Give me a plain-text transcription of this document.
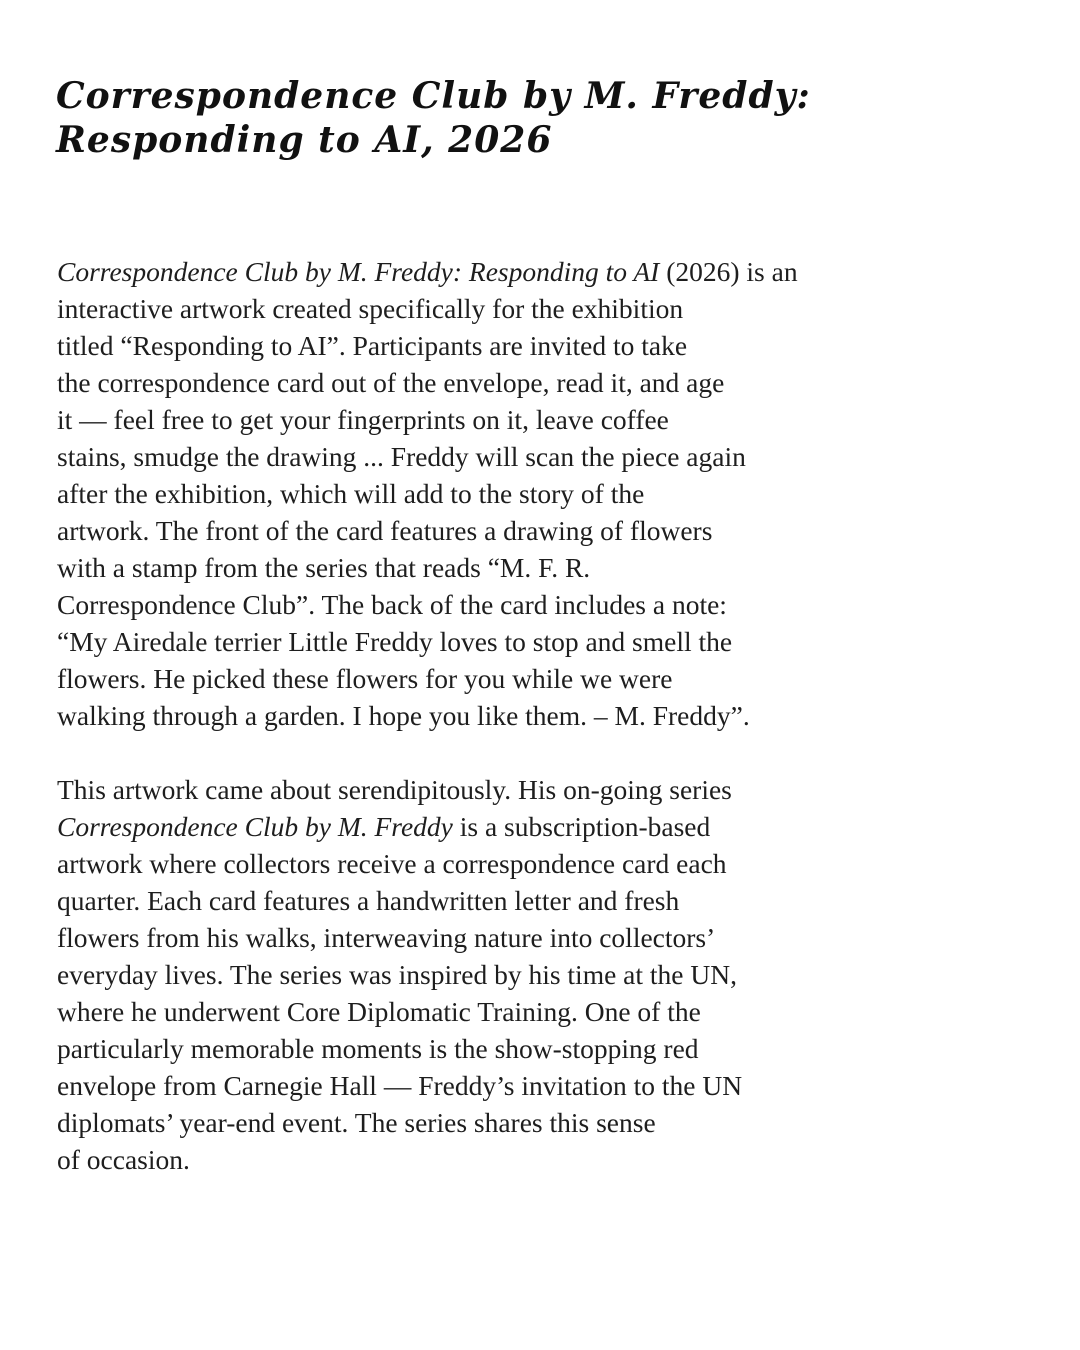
Correspondence Club by M. Freddy:
Responding to AI, 2026

Correspondence Club by M. Freddy: Responding to AI (2026) is an
interactive artwork created specifically for the exhibition
titled “Responding to AI”. Participants are invited to take
the correspondence card out of the envelope, read it, and age
it — feel free to get your fingerprints on it, leave coffee
stains, smudge the drawing ... Freddy will scan the piece again
after the exhibition, which will add to the story of the
artwork. The front of the card features a drawing of flowers
with a stamp from the series that reads “M. F. R.
Correspondence Club”. The back of the card includes a note:
“My Airedale terrier Little Freddy loves to stop and smell the
flowers. He picked these flowers for you while we were
walking through a garden. I hope you like them. – M. Freddy”.

This artwork came about serendipitously. His on-going series
Correspondence Club by M. Freddy is a subscription-based
artwork where collectors receive a correspondence card each
quarter. Each card features a handwritten letter and fresh
flowers from his walks, interweaving nature into collectors’
everyday lives. The series was inspired by his time at the UN,
where he underwent Core Diplomatic Training. One of the
particularly memorable moments is the show-stopping red
envelope from Carnegie Hall — Freddy’s invitation to the UN
diplomats’ year-end event. The series shares this sense
of occasion.
